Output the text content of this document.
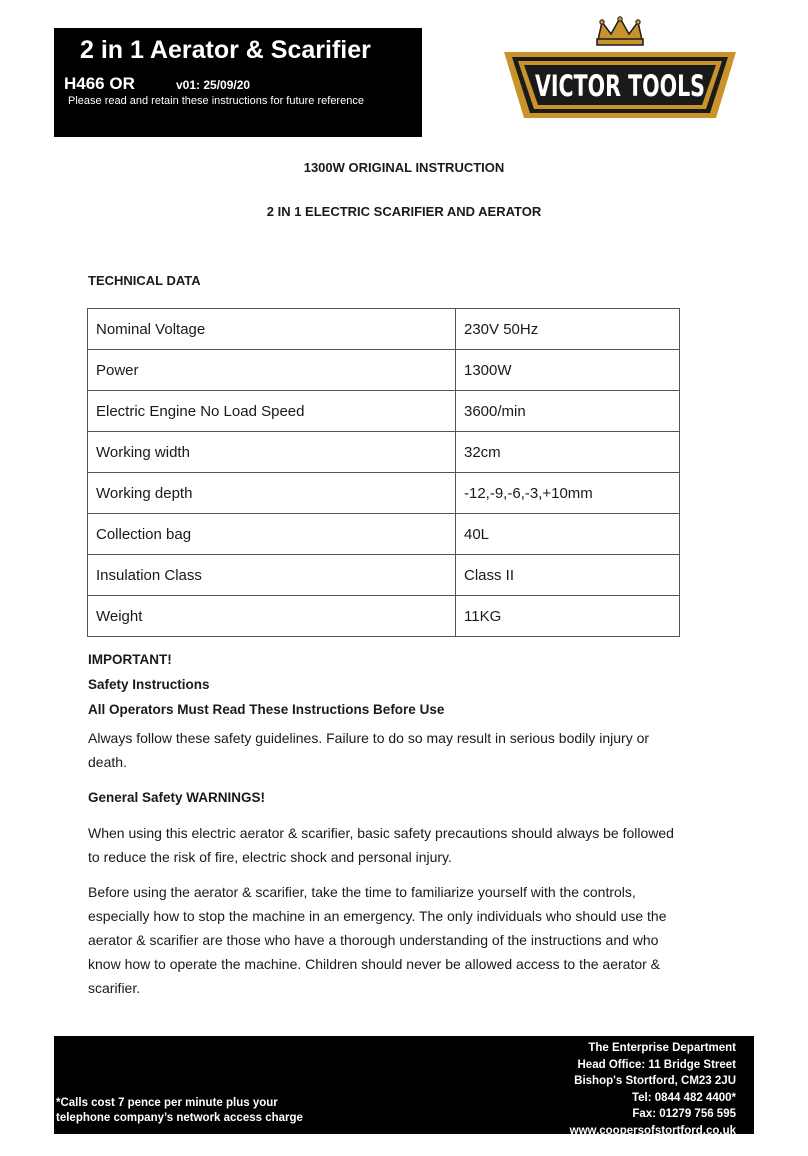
2 in 1 Aerator & Scarifier
H466 OR	v01: 25/09/20
Please read and retain these instructions for future reference	VICTOR TOOLS
1300W ORIGINAL INSTRUCTION
2 IN 1 ELECTRIC SCARIFIER AND AERATOR
TECHNICAL DATA
Nominal Voltage	230V 50Hz
Power	1300W
Electric Engine No Load Speed	3600/min
Working width	32cm
Working depth	-12,-9,-6,-3,+10mm
Collection bag	40L
Insulation Class	Class II
Weight	11KG
IMPORTANT!
Safety Instructions
All Operators Must Read These Instructions Before Use
Always follow these safety guidelines. Failure to do so may result in serious bodily injury or death.
General Safety WARNINGS!
When using this electric aerator & scarifier, basic safety precautions should always be followed to reduce the risk of fire, electric shock and personal injury.
Before using the aerator & scarifier, take the time to familiarize yourself with the controls, especially how to stop the machine in an emergency. The only individuals who should use the aerator & scarifier are those who have a thorough understanding of the instructions and who know how to operate the machine. Children should never be allowed access to the aerator & scarifier.
*Calls cost 7 pence per minute plus your
telephone company’s network access charge
The Enterprise Department
Head Office: 11 Bridge Street
Bishop's Stortford, CM23 2JU
Tel: 0844 482 4400*
Fax: 01279 756 595
www.coopersofstortford.co.uk
